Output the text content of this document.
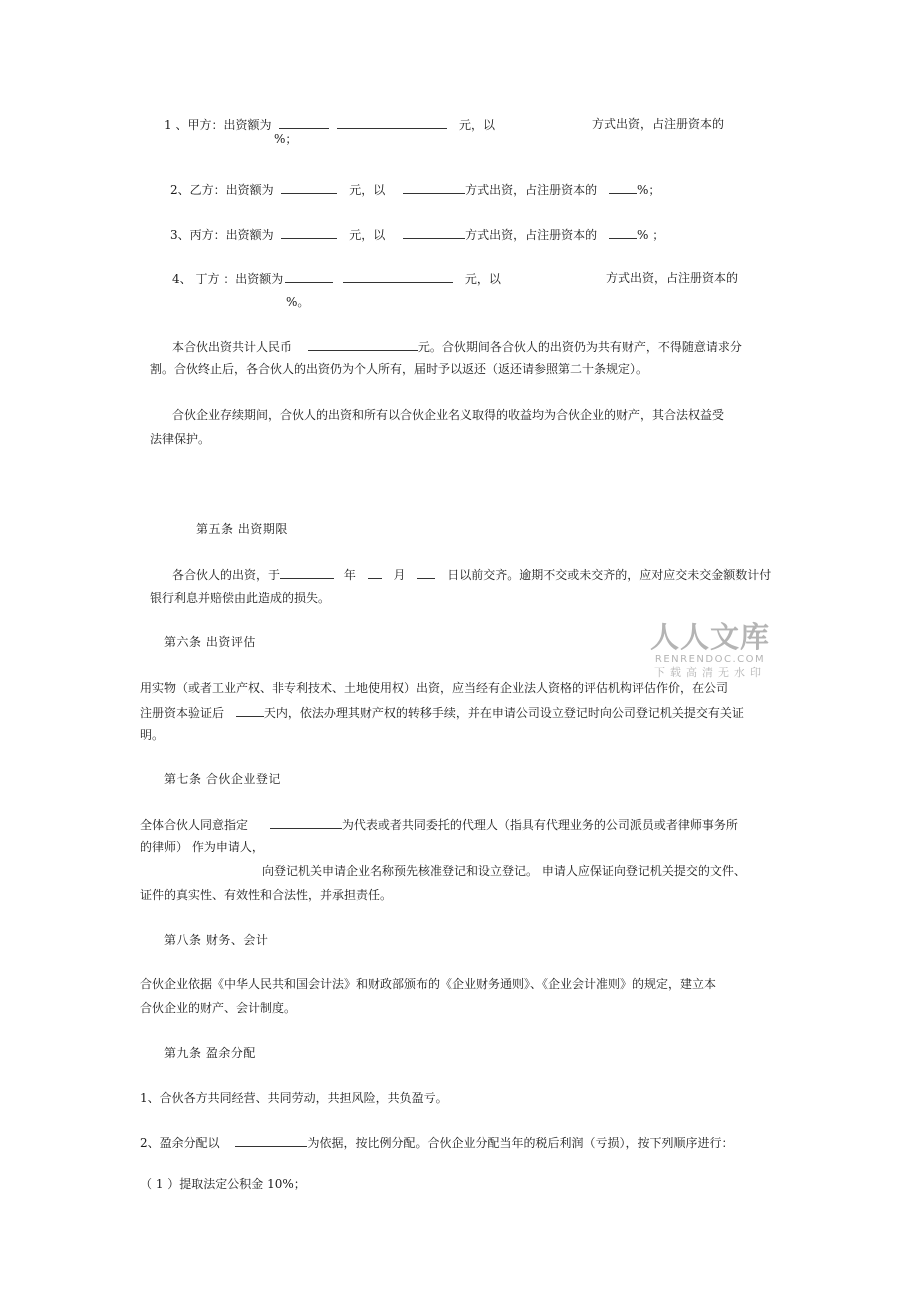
1 、甲方：出资额为	元，以	方式出资，占注册资本的
%；
2、乙方：出资额为	元，以	方式出资，占注册资本的	%；
3、丙方：出资额为	元，以	方式出资，占注册资本的	% ；
4、 丁方 ：出资额为	元，以	方式出资，占注册资本的
%。
本合伙出资共计人民币	元。合伙期间各合伙人的出资仍为共有财产，不得随意请求分
割。合伙终止后，各合伙人的出资仍为个人所有，届时予以返还（返还请参照第二十条规定）。
合伙企业存续期间，合伙人的出资和所有以合伙企业名义取得的收益均为合伙企业的财产，其合法权益受
法律保护。
第五条 出资期限
各合伙人的出资，于	年	月	日以前交齐。逾期不交或未交齐的，应对应交未交金额数计付
银行利息并赔偿由此造成的损失。
第六条 出资评估
用实物（或者工业产权、非专利技术、土地使用权）出资，应当经有企业法人资格的评估机构评估作价，在公司
注册资本验证后	天内，依法办理其财产权的转移手续，并在申请公司设立登记时向公司登记机关提交有关证
明。
第七条 合伙企业登记
全体合伙人同意指定	为代表或者共同委托的代理人（指具有代理业务的公司派员或者律师事务所
的律师） 作为申请人，
向登记机关申请企业名称预先核准登记和设立登记。 申请人应保证向登记机关提交的文件、
证件的真实性、有效性和合法性，并承担责任。
第八条 财务、会计
合伙企业依据《中华人民共和国会计法》和财政部颁布的《企业财务通则》、《企业会计准则》的规定，建立本
合伙企业的财产、会计制度。
第九条 盈余分配
1、合伙各方共同经营、共同劳动，共担风险，共负盈亏。
2、盈余分配以	为依据，按比例分配。合伙企业分配当年的税后利润（亏损），按下列顺序进行：
（ 1 ）提取法定公积金 10%；
人人文库
RENRENDOC.COM
下载高清无水印
